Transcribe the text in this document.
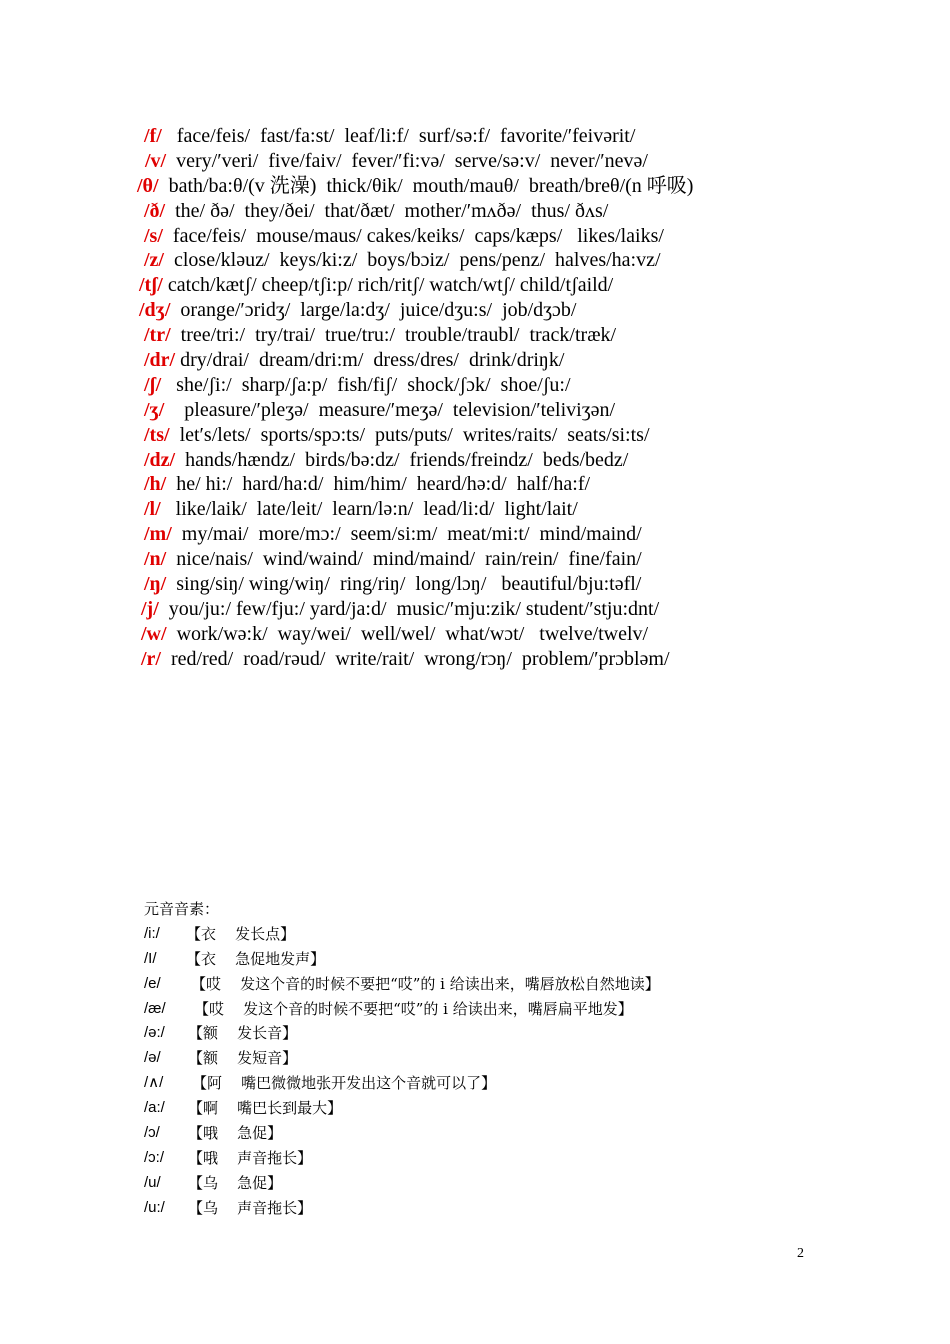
/f/ face/feis/  fast/fa:st/  leaf/li:f/  surf/sə:f/  favorite/′feivərit/
/v/ very/′veri/  five/faiv/  fever/′fi:və/  serve/sə:v/  never/′nevə/
/θ/ bath/ba:θ/(v 洗澡)  thick/θik/  mouth/mauθ/  breath/breθ/(n 呼吸)
/ð/ the/ ðə/  they/ðei/  that/ðæt/  mother/′mʌðə/  thus/ ðʌs/
/s/ face/feis/  mouse/maus/ cakes/keiks/  caps/kæps/   likes/laiks/
/z/ close/kləuz/  keys/ki:z/  boys/bɔiz/  pens/penz/  halves/ha:vz/
/tʃ/ catch/kætʃ/ cheep/tʃi:p/ rich/ritʃ/ watch/wtʃ/ child/tʃaild/
/dʒ/ orange/′ɔridʒ/  large/la:dʒ/  juice/dʒu:s/  job/dʒɔb/
/tr/ tree/tri:/  try/trai/  true/tru:/  trouble/traubl/  track/træk/
/dr/ dry/drai/  dream/dri:m/  dress/dres/  drink/driŋk/
/ʃ/ she/ʃi:/  sharp/ʃa:p/  fish/fiʃ/  shock/ʃɔk/  shoe/ʃu:/
/ʒ/ pleasure/′pleʒə/  measure/′meʒə/  television/′teliviʒən/
/ts/ let′s/lets/  sports/spɔ:ts/  puts/puts/  writes/raits/  seats/si:ts/
/dz/ hands/hændz/  birds/bə:dz/  friends/freindz/  beds/bedz/
/h/ he/ hi:/  hard/ha:d/  him/him/  heard/hə:d/  half/ha:f/
/l/ like/laik/  late/leit/  learn/lə:n/  lead/li:d/  light/lait/
/m/ my/mai/  more/mɔ:/  seem/si:m/  meat/mi:t/  mind/maind/
/n/ nice/nais/  wind/waind/  mind/maind/  rain/rein/  fine/fain/
/ŋ/ sing/siŋ/ wing/wiŋ/  ring/riŋ/  long/lɔŋ/   beautiful/bju:təfl/
/j/ you/ju:/ few/fju:/ yard/ja:d/  music/′mju:zik/ student/′stju:dnt/
/w/ work/wə:k/  way/wei/  well/wel/  what/wɔt/   twelve/twelv/
/r/ red/red/  road/rəud/  write/rait/  wrong/rɔŋ/  problem/′prɔbləm/
元音音素：
/i:/ 【衣    发长点】
/I/ 【衣    急促地发声】
/e/ 【哎    发这个音的时候不要把“哎”的 i 给读出来，嘴唇放松自然地读】
/æ/ 【哎    发这个音的时候不要把“哎”的 i 给读出来，嘴唇扁平地发】
/ə:/ 【额    发长音】
/ə/ 【额    发短音】
/∧/ 【阿    嘴巴微微地张开发出这个音就可以了】
/a:/ 【啊    嘴巴长到最大】
/ɔ/ 【哦    急促】
/ɔ:/ 【哦    声音拖长】
/u/ 【乌    急促】
/u:/ 【乌    声音拖长】
2
